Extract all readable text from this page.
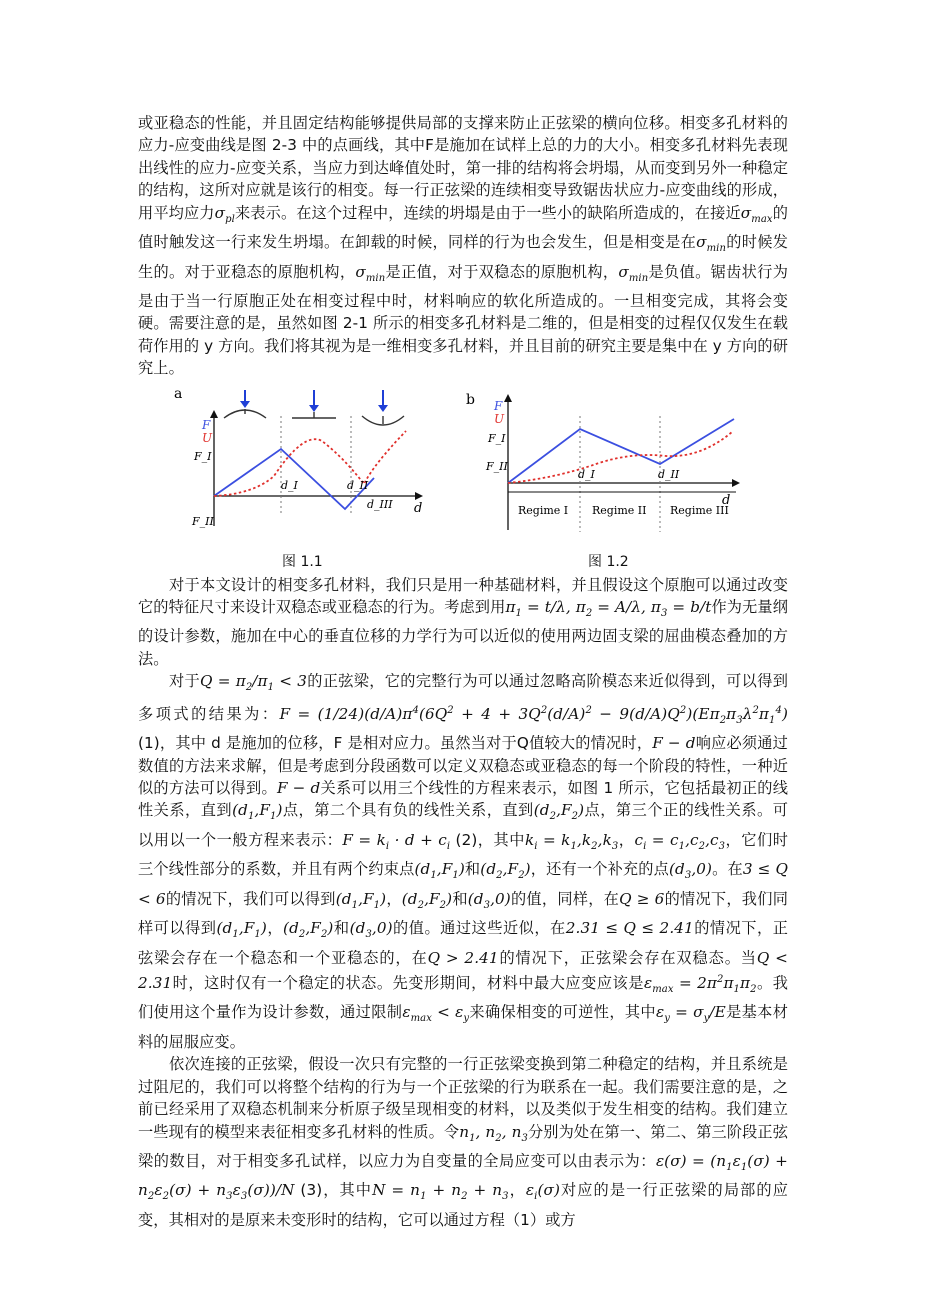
或亚稳态的性能，并且固定结构能够提供局部的支撑来防止正弦梁的横向位移。相变多孔材料的应力-应变曲线是图 2-3 中的点画线，其中F是施加在试样上总的力的大小。相变多孔材料先表现出线性的应力-应变关系，当应力到达峰值处时，第一排的结构将会坍塌，从而变到另外一种稳定的结构，这所对应就是该行的相变。每一行正弦梁的连续相变导致锯齿状应力-应变曲线的形成，用平均应力$\sigma_{pl}$来表示。在这个过程中，连续的坍塌是由于一些小的缺陷所造成的，在接近$\sigma_{max}$的值时触发这一行来发生坍塌。在卸载的时候，同样的行为也会发生，但是相变是在$\sigma_{min}$的时候发生的。对于亚稳态的原胞机构，$\sigma_{min}$是正值，对于双稳态的原胞机构，$\sigma_{min}$是负值。锯齿状行为是由于当一行原胞正处在相变过程中时，材料响应的软化所造成的。一旦相变完成，其将会变硬。需要注意的是，虽然如图 2-1 所示的相变多孔材料是二维的，但是相变的过程仅仅发生在载荷作用的 y 方向。我们将其视为是一维相变多孔材料，并且目前的研究主要是集中在 y 方向的研究上。

a
F
U
F_I
F_II
d_I	d_II
d_III d
图 1.1
b F
U
F_I
F_II
d_I	d_II
d
Regime I Regime II Regime III
图 1.2

对于本文设计的相变多孔材料，我们只是用一种基础材料，并且假设这个原胞可以通过改变它的特征尺寸来设计双稳态或亚稳态的行为。考虑到用$\pi_1 = t/\lambda$, $\pi_2 = A/\lambda$, $\pi_3 = b/t$作为无量纲的设计参数，施加在中心的垂直位移的力学行为可以近似的使用两边固支梁的屈曲模态叠加的方法。

对于$Q = \pi_2/\pi_1 < 3$的正弦梁，它的完整行为可以通过忽略高阶模态来近似得到，可以得到多项式的结果为：$F = (1/24)(d/A)\pi^4(6Q^2 + 4 + 3Q^2(d/A)^2 - 9(d/A)Q^2)(E\pi_2\pi_3\lambda^2\pi_1^4)$ (1)，其中 d 是施加的位移，F 是相对应力。虽然当对于Q值较大的情况时，F − d响应必须通过数值的方法来求解，但是考虑到分段函数可以定义双稳态或亚稳态的每一个阶段的特性，一种近似的方法可以得到。F − d关系可以用三个线性的方程来表示，如图 1 所示，它包括最初正的线性关系，直到$(d_1,F_1)$点，第二个具有负的线性关系，直到$(d_2,F_2)$点，第三个正的线性关系。可以用以一个一般方程来表示：$F = k_i \cdot d + c_i$ (2)，其中$k_i = k_1,k_2,k_3$，$c_i = c_1,c_2,c_3$，它们时三个线性部分的系数，并且有两个约束点$(d_1,F_1)$和$(d_2,F_2)$，还有一个补充的点$(d_3,0)$。在3 ≤ Q < 6的情况下，我们可以得到$(d_1,F_1)$，$(d_2,F_2)$和$(d_3,0)$的值，同样，在Q ≥ 6的情况下，我们同样可以得到$(d_1,F_1)$，$(d_2,F_2)$和$(d_3,0)$的值。通过这些近似，在2.31 ≤ Q ≤ 2.41的情况下，正弦梁会存在一个稳态和一个亚稳态的，在Q > 2.41的情况下，正弦梁会存在双稳态。当Q < 2.31时，这时仅有一个稳定的状态。先变形期间，材料中最大应变应该是$\varepsilon_{max} = 2\pi^2\pi_1\pi_2$。我们使用这个量作为设计参数，通过限制$\varepsilon_{max} < \varepsilon_y$来确保相变的可逆性，其中$\varepsilon_y = \sigma_y/E$是基本材料的屈服应变。

依次连接的正弦梁，假设一次只有完整的一行正弦梁变换到第二种稳定的结构，并且系统是过阻尼的，我们可以将整个结构的行为与一个正弦梁的行为联系在一起。我们需要注意的是，之前已经采用了双稳态机制来分析原子级呈现相变的材料，以及类似于发生相变的结构。我们建立一些现有的模型来表征相变多孔材料的性质。令$n_1$, $n_2$, $n_3$分别为处在第一、第二、第三阶段正弦梁的数目，对于相变多孔试样，以应力为自变量的全局应变可以由表示为：$\varepsilon(\sigma) = (n_1\varepsilon_1(\sigma) + n_2\varepsilon_2(\sigma) + n_3\varepsilon_3(\sigma))/N$ (3)，其中$N = n_1 + n_2 + n_3$，$\varepsilon_i(\sigma)$对应的是一行正弦梁的局部的应变，其相对的是原来未变形时的结构，它可以通过方程（1）或方
